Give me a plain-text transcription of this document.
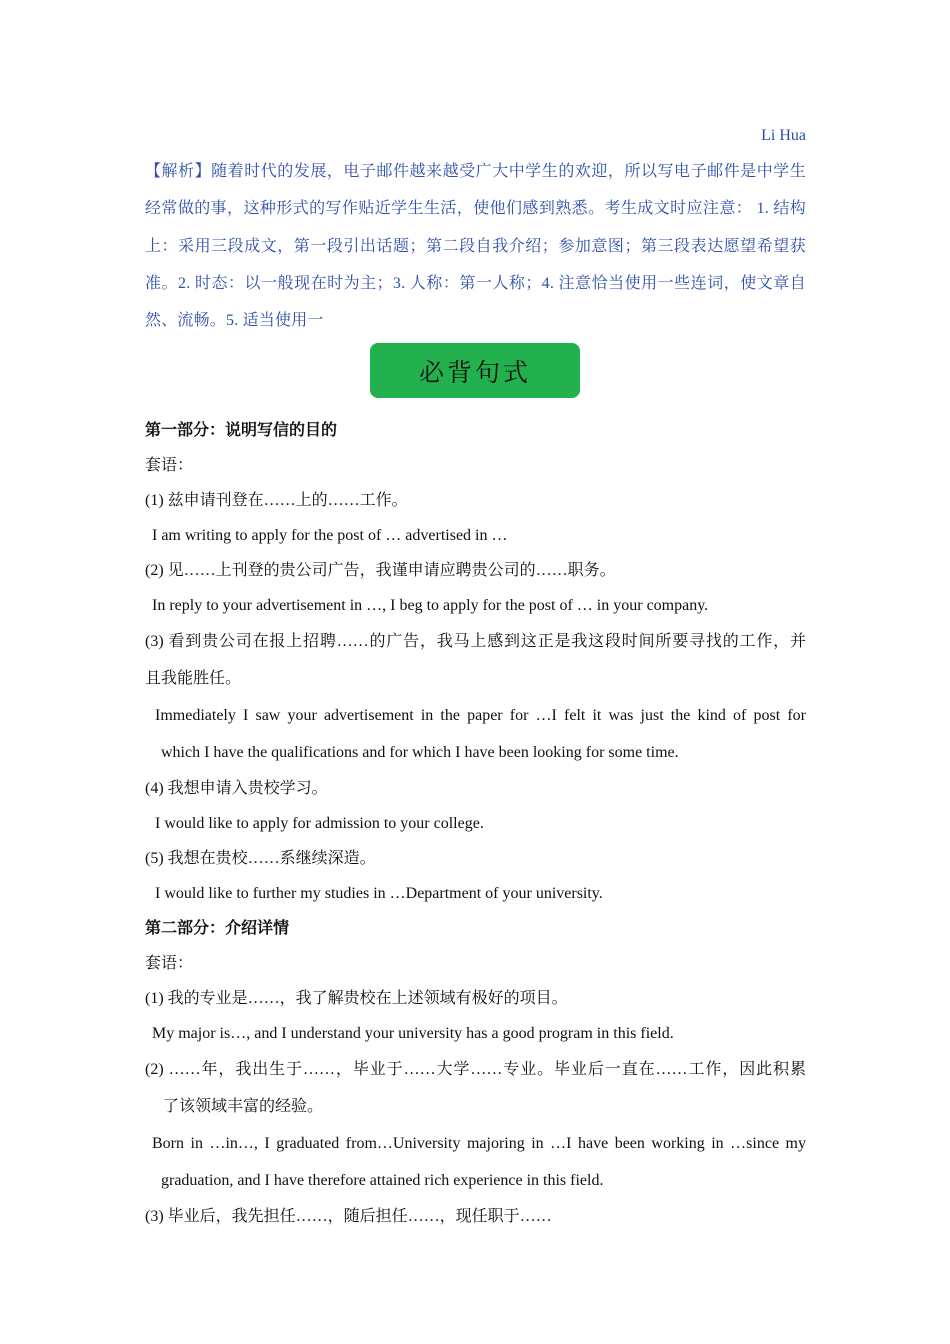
Li Hua
【解析】随着时代的发展，电子邮件越来越受广大中学生的欢迎，所以写电子邮件是中学生经常做的事，这种形式的写作贴近学生生活，使他们感到熟悉。考生成文时应注意： 1. 结构上：采用三段成文，第一段引出话题；第二段自我介绍；参加意图；第三段表达愿望希望获准。2. 时态：以一般现在时为主；3. 人称：第一人称；4. 注意恰当使用一些连词，使文章自然、流畅。5. 适当使用一
必背句式
第一部分：说明写信的目的
套语：
(1) 兹申请刊登在……上的……工作。
I am writing to apply for the post of … advertised in …
(2) 见……上刊登的贵公司广告，我谨申请应聘贵公司的……职务。
In reply to your advertisement in …, I beg to apply for the post of … in your company.
(3) 看到贵公司在报上招聘……的广告，我马上感到这正是我这段时间所要寻找的工作，并
且我能胜任。
Immediately I saw your advertisement in the paper for …I felt it was just the kind of post for
which I have the qualifications and for which I have been looking for some time.
(4) 我想申请入贵校学习。
I would like to apply for admission to your college.
(5) 我想在贵校……系继续深造。
I would like to further my studies in …Department of your university.
第二部分：介绍详情
套语：
(1) 我的专业是……，我了解贵校在上述领域有极好的项目。
My major is…, and I understand your university has a good program in this field.
(2) ……年，我出生于……，毕业于……大学……专业。毕业后一直在……工作，因此积累
了该领域丰富的经验。
Born in …in…, I graduated from…University majoring in …I have been working in …since my
graduation, and I have therefore attained rich experience in this field.
(3) 毕业后，我先担任……，随后担任……，现任职于……
